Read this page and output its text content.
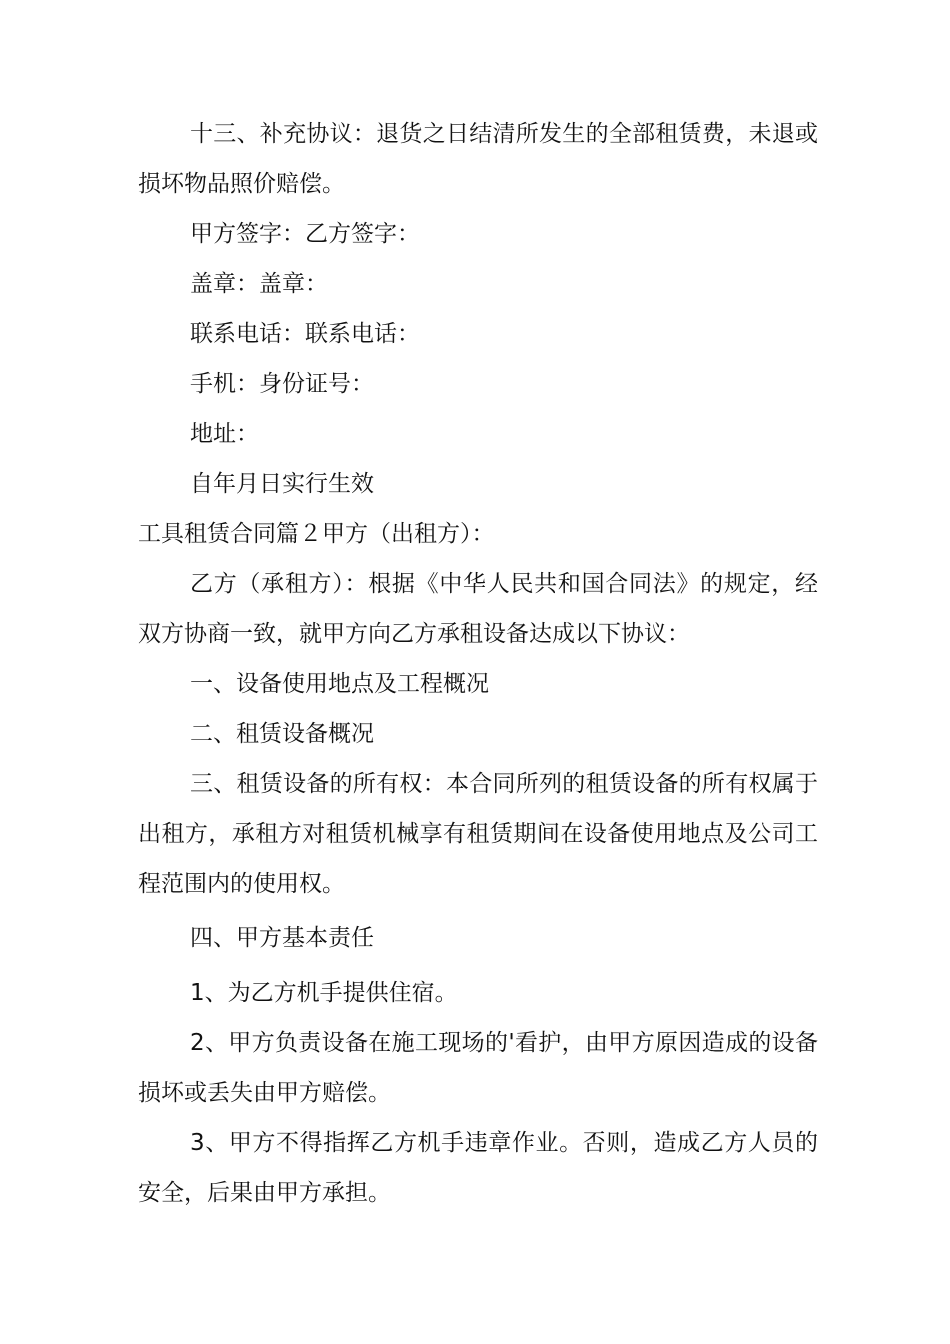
十三、补充协议：退货之日结清所发生的全部租赁费，未退或损坏物品照价赔偿。

甲方签字：乙方签字：

盖章：盖章：

联系电话：联系电话：

手机：身份证号：

地址：

自年月日实行生效

工具租赁合同篇２甲方（出租方）：

乙方（承租方）：根据《中华人民共和国合同法》的规定，经双方协商一致，就甲方向乙方承租设备达成以下协议：

一、设备使用地点及工程概况

二、租赁设备概况

三、租赁设备的所有权：本合同所列的租赁设备的所有权属于出租方，承租方对租赁机械享有租赁期间在设备使用地点及公司工程范围内的使用权。

四、甲方基本责任

1、为乙方机手提供住宿。

2、甲方负责设备在施工现场的'看护，由甲方原因造成的设备损坏或丢失由甲方赔偿。

3、甲方不得指挥乙方机手违章作业。否则，造成乙方人员的安全，后果由甲方承担。
